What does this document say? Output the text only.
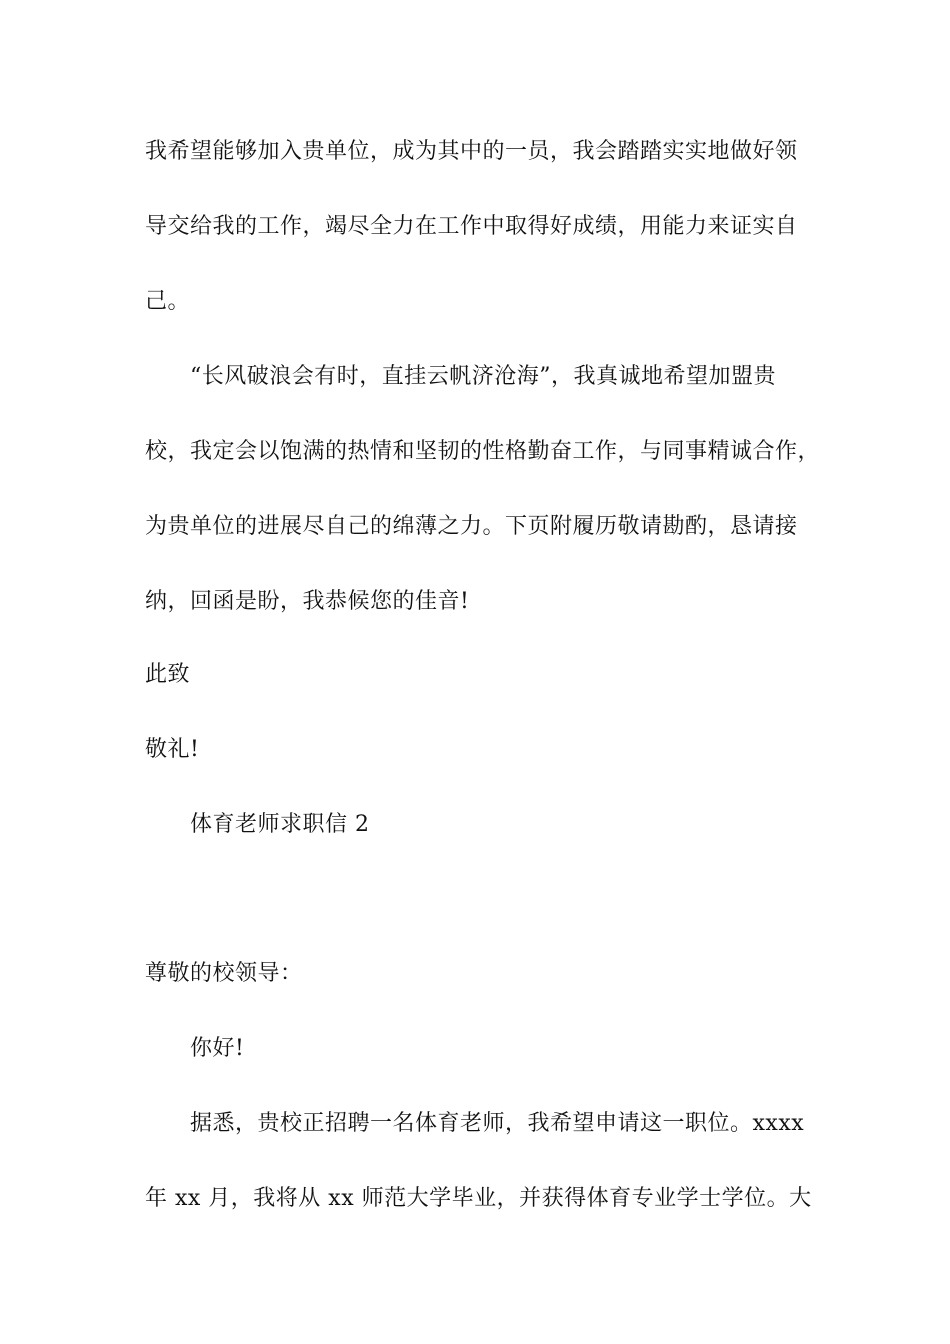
我希望能够加入贵单位，成为其中的一员，我会踏踏实实地做好领
导交给我的工作，竭尽全力在工作中取得好成绩，用能力来证实自
己。
“长风破浪会有时，直挂云帆济沧海”，我真诚地希望加盟贵
校，我定会以饱满的热情和坚韧的性格勤奋工作，与同事精诚合作，
为贵单位的进展尽自己的绵薄之力。下页附履历敬请勘酌，恳请接
纳，回函是盼，我恭候您的佳音!
此致
敬礼!
体育老师求职信 2
尊敬的校领导：
你好!
据悉，贵校正招聘一名体育老师，我希望申请这一职位。xxxx
年 xx 月，我将从 xx 师范大学毕业，并获得体育专业学士学位。大
